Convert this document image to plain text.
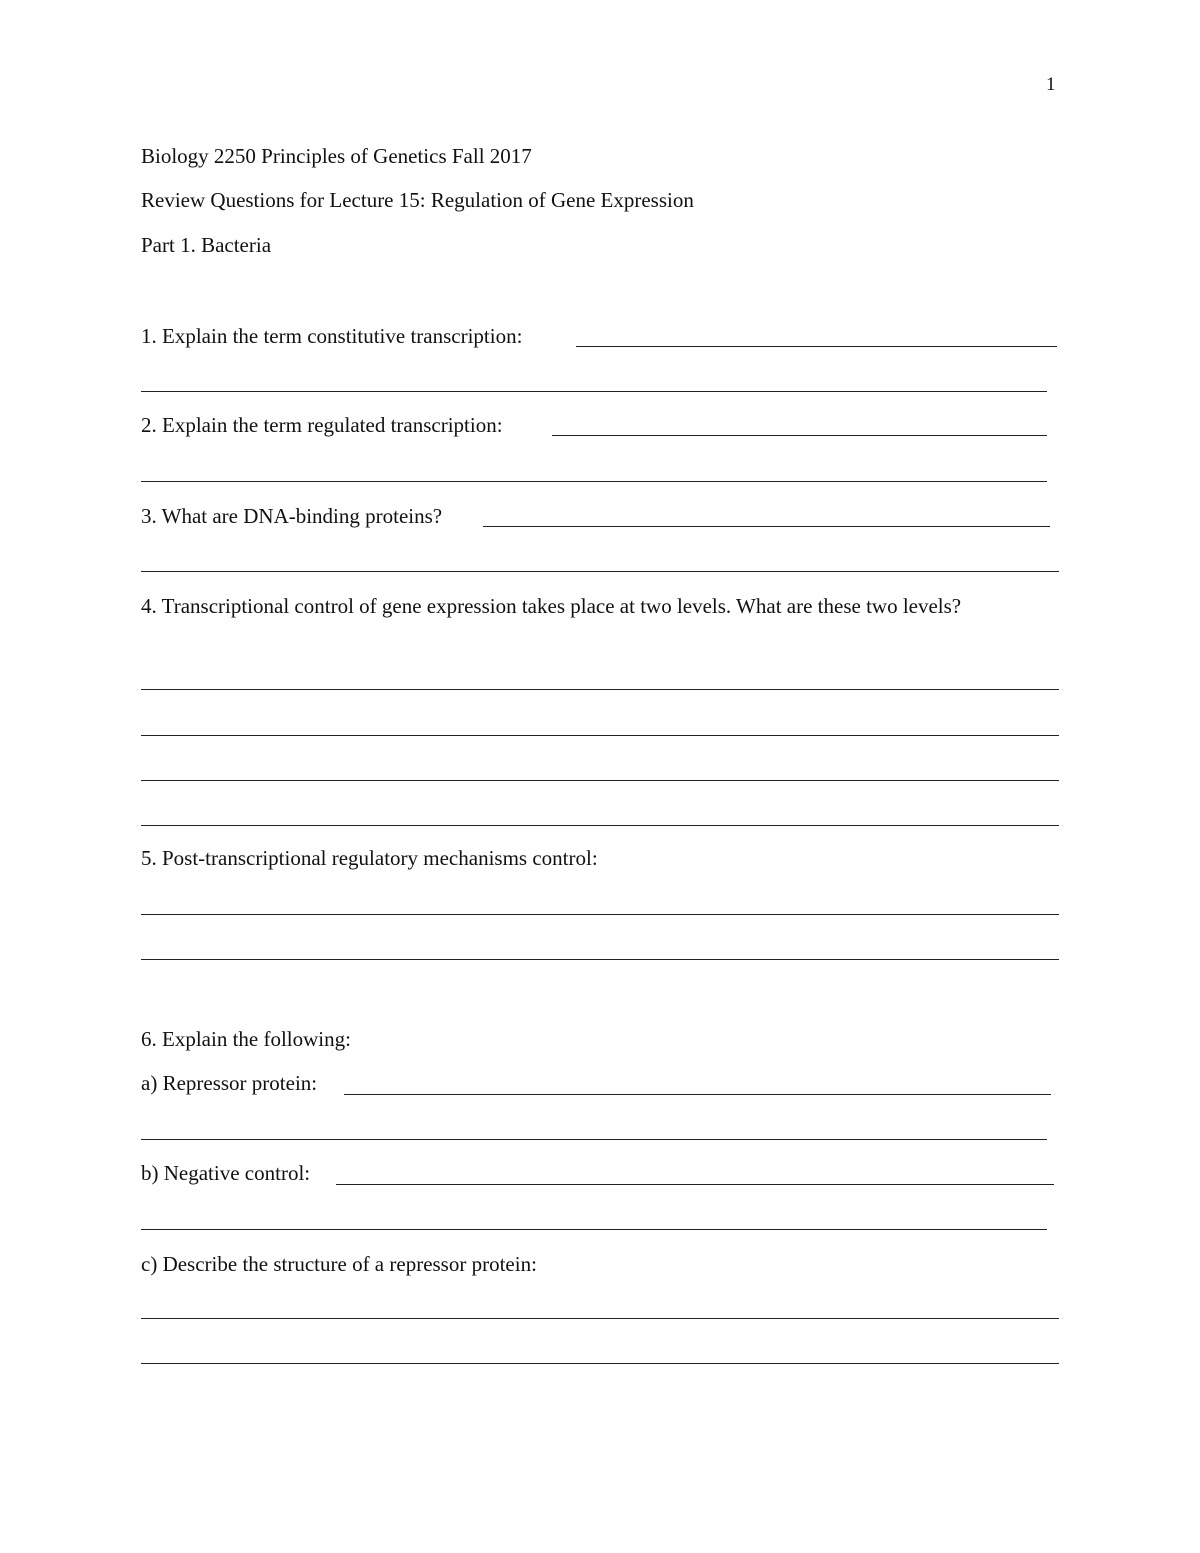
1
Biology 2250 Principles of Genetics Fall 2017
Review Questions for Lecture 15: Regulation of Gene Expression
Part 1. Bacteria
1. Explain the term constitutive transcription:
2. Explain the term regulated transcription:
3. What are DNA-binding proteins?
4. Transcriptional control of gene expression takes place at two levels. What are these two levels?
5. Post-transcriptional regulatory mechanisms control:
6. Explain the following:
a) Repressor protein:
b) Negative control:
c) Describe the structure of a repressor protein:
